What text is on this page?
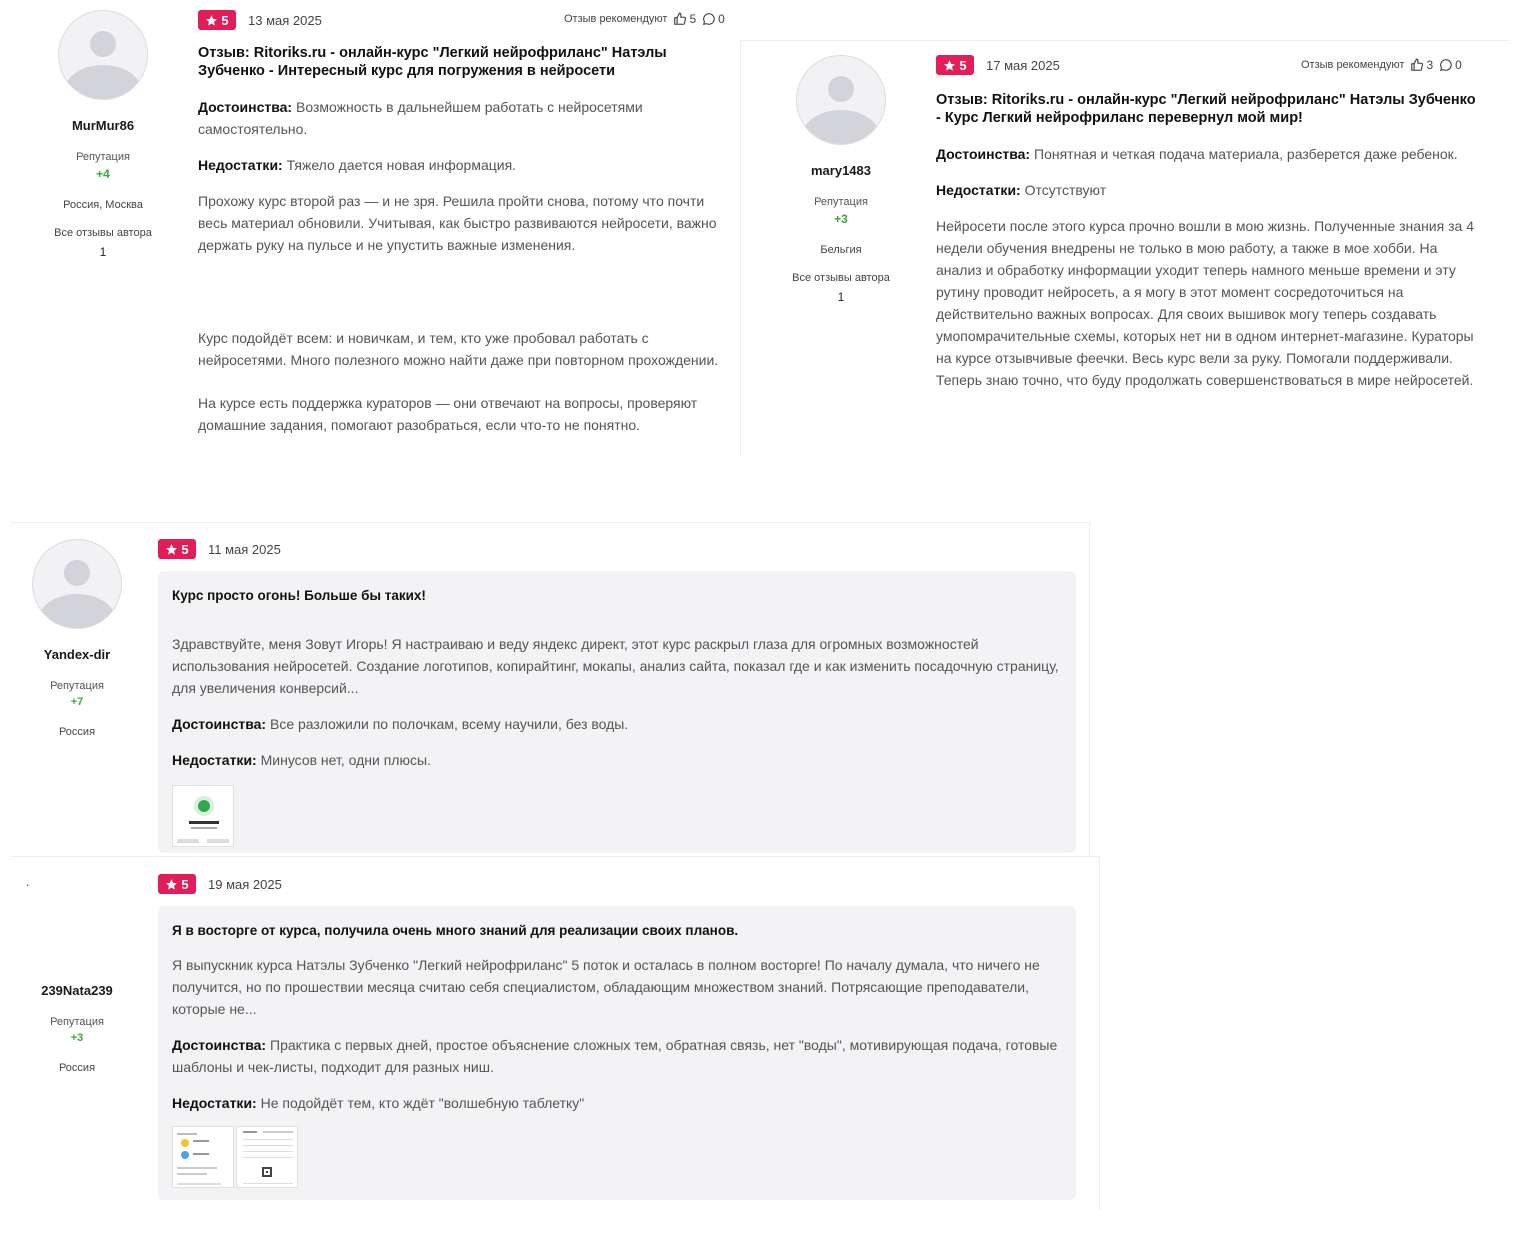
MurMur86
Репутация
+4
Россия, Москва
Все отзывы автора
1
5 13 мая 2025	Отзыв рекомендуют 5 0
Отзыв: Ritoriks.ru - онлайн-курс "Легкий нейрофриланс" Натэлы Зубченко - Интересный курс для погружения в нейросети
Достоинства: Возможность в дальнейшем работать с нейросетями самостоятельно.
Недостатки: Тяжело дается новая информация.
Прохожу курс второй раз — и не зря. Решила пройти снова, потому что почти весь материал обновили. Учитывая, как быстро развиваются нейросети, важно держать руку на пульсе и не упустить важные изменения.
Курс подойдёт всем: и новичкам, и тем, кто уже пробовал работать с нейросетями. Много полезного можно найти даже при повторном прохождении.
На курсе есть поддержка кураторов — они отвечают на вопросы, проверяют домашние задания, помогают разобраться, если что-то не понятно.
mary1483
Репутация
+3
Бельгия
Все отзывы автора
1
5 17 мая 2025	Отзыв рекомендуют 3 0
Отзыв: Ritoriks.ru - онлайн-курс "Легкий нейрофриланс" Натэлы Зубченко - Курс Легкий нейрофриланс перевернул мой мир!
Достоинства: Понятная и четкая подача материала, разберется даже ребенок.
Недостатки: Отсутствуют
Нейросети после этого курса прочно вошли в мою жизнь. Полученные знания за 4 недели обучения внедрены не только в мою работу, а также в мое хобби. На анализ и обработку информации уходит теперь намного меньше времени и эту рутину проводит нейросеть, а я могу в этот момент сосредоточиться на действительно важных вопросах. Для своих вышивок могу теперь создавать умопомрачительные схемы, которых нет ни в одном интернет-магазине. Кураторы на курсе отзывчивые феечки. Весь курс вели за руку. Помогали поддерживали. Теперь знаю точно, что буду продолжать совершенствоваться в мире нейросетей.
Yandex-dir
Репутация
+7
Россия
5 11 мая 2025
Курс просто огонь! Больше бы таких!
Здравствуйте, меня Зовут Игорь! Я настраиваю и веду яндекс директ, этот курс раскрыл глаза для огромных возможностей использования нейросетей. Создание логотипов, копирайтинг, мокапы, анализ сайта, показал где и как изменить посадочную страницу, для увеличения конверсий...
Достоинства: Все разложили по полочкам, всему научили, без воды.
Недостатки: Минусов нет, одни плюсы.
.
239Nata239
Репутация
+3
Россия
5 19 мая 2025
Я в восторге от курса, получила очень много знаний для реализации своих планов.
Я выпускник курса Натэлы Зубченко "Легкий нейрофриланс" 5 поток и осталась в полном восторге! По началу думала, что ничего не получится, но по прошествии месяца считаю себя специалистом, обладающим множеством знаний. Потрясающие преподаватели, которые не...
Достоинства: Практика с первых дней, простое объяснение сложных тем, обратная связь, нет "воды", мотивирующая подача, готовые шаблоны и чек-листы, подходит для разных ниш.
Недостатки: Не подойдёт тем, кто ждёт "волшебную таблетку"
